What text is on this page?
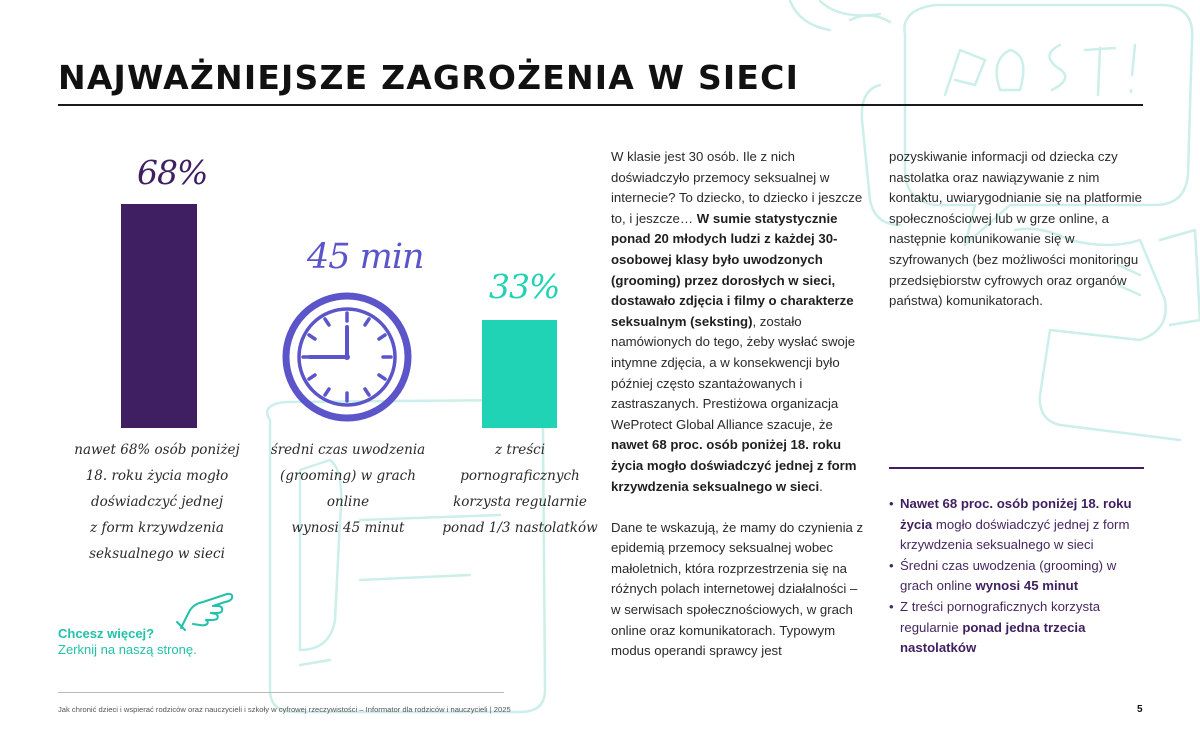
NAJWAŻNIEJSZE ZAGROŻENIA W SIECI
68%
nawet 68% osób poniżej
18. roku życia mogło doświadczyć jednej
z form krzywdzenia seksualnego w sieci
45 min
średni czas uwodzenia
(grooming) w grach online
wynosi 45 minut
33%
z treści pornograficznych
korzysta regularnie
ponad 1/3 nastolatków
Chcesz więcej?
Zerknij na naszą stronę.

W klasie jest 30 osób. Ile z nich doświadczyło przemocy seksualnej w internecie? To dziecko, to dziecko i jeszcze to, i jeszcze… W sumie statystycznie ponad 20 młodych ludzi z każdej 30-osobowej klasy było uwodzonych (grooming) przez dorosłych w sieci, dostawało zdjęcia i filmy o charakterze seksualnym (seksting), zostało namówionych do tego, żeby wysłać swoje intymne zdjęcia, a w konsekwencji było później często szantażowanych i zastraszanych. Prestiżowa organizacja WeProtect Global Alliance szacuje, że nawet 68 proc. osób poniżej 18. roku życia mogło doświadczyć jednej z form krzywdzenia seksualnego w sieci.

Dane te wskazują, że mamy do czynienia z epidemią przemocy seksualnej wobec małoletnich, która rozprzestrzenia się na różnych polach internetowej działalności – w serwisach społecznościowych, w grach online oraz komunikatorach. Typowym modus operandi sprawcy jest

pozyskiwanie informacji od dziecka czy nastolatka oraz nawiązywanie z nim kontaktu, uwiarygodnianie się na platformie społecznościowej lub w grze online, a następnie komunikowanie się w szyfrowanych (bez możliwości monitoringu przedsiębiorstw cyfrowych oraz organów państwa) komunikatorach.

• Nawet 68 proc. osób poniżej 18. roku życia mogło doświadczyć jednej z form krzywdzenia seksualnego w sieci
• Średni czas uwodzenia (grooming) w grach online wynosi 45 minut
• Z treści pornograficznych korzysta regularnie ponad jedna trzecia nastolatków
Jak chronić dzieci i wspierać rodziców oraz nauczycieli i szkoły w cyfrowej rzeczywistości – Informator dla rodziców i nauczycieli | 2025	5
